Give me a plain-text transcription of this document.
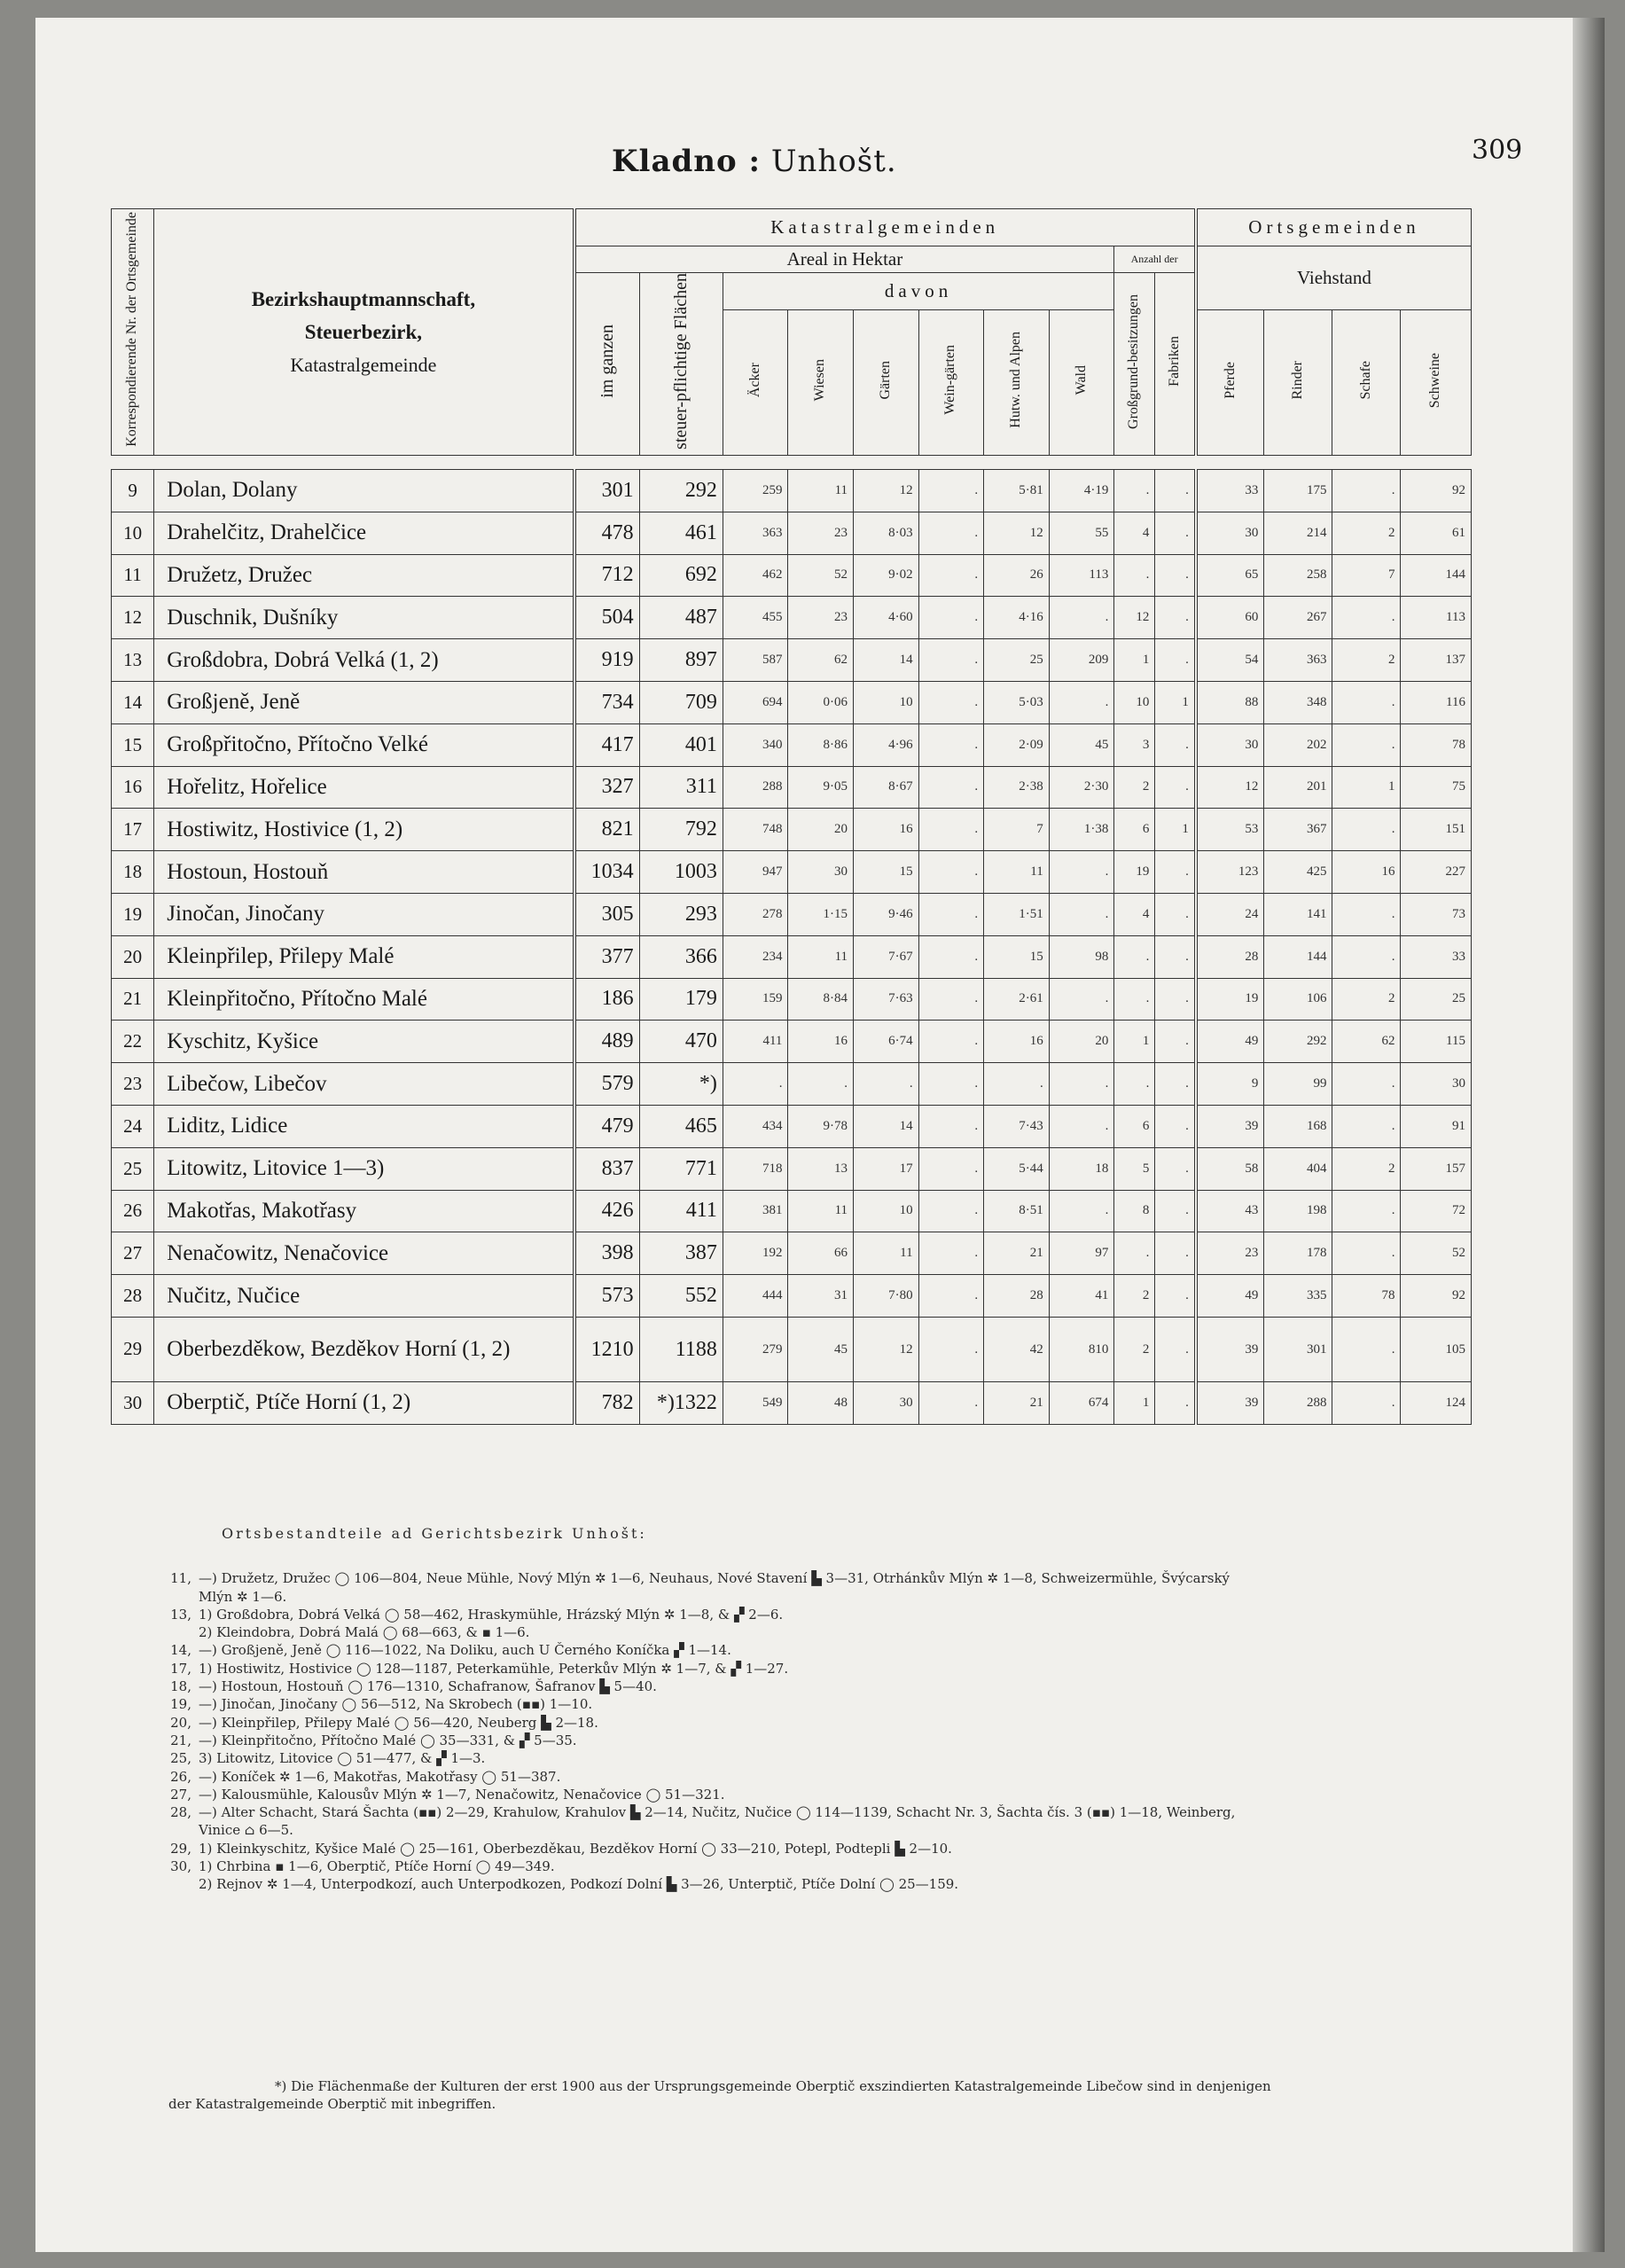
Kladno : Unhošt.	309
Korrespondierende Nr. der Ortsgemeinde	Bezirkshauptmannschaft,
Steuerbezirk,
Katastralgemeinde	Katastralgemeinden										Ortsgemeinden			
		Areal in Hektar								Anzahl der		Viehstand			
		im ganzen	steuer-pflichtige Flächen	davon						Großgrund-besitzungen	Fabriken				
				Äcker	Wiesen	Gärten	Wein-gärten	Hutw. und Alpen	Wald			Pferde	Rinder	Schafe	Schweine

9	Dolan, Dolany	301	292	259	11	12	.	5·81	4·19	.	.	33	175	.	92
10	Drahelčitz, Drahelčice	478	461	363	23	8·03	.	12	55	4	.	30	214	2	61
11	Družetz, Družec	712	692	462	52	9·02	.	26	113	.	.	65	258	7	144
12	Duschnik, Dušníky	504	487	455	23	4·60	.	4·16	.	12	.	60	267	.	113
13	Großdobra, Dobrá Velká (1, 2)	919	897	587	62	14	.	25	209	1	.	54	363	2	137
14	Großjeně, Jeně	734	709	694	0·06	10	.	5·03	.	10	1	88	348	.	116
15	Großpřitočno, Přítočno Velké	417	401	340	8·86	4·96	.	2·09	45	3	.	30	202	.	78
16	Hořelitz, Hořelice	327	311	288	9·05	8·67	.	2·38	2·30	2	.	12	201	1	75
17	Hostiwitz, Hostivice (1, 2)	821	792	748	20	16	.	7	1·38	6	1	53	367	.	151
18	Hostoun, Hostouň	1034	1003	947	30	15	.	11	.	19	.	123	425	16	227
19	Jinočan, Jinočany	305	293	278	1·15	9·46	.	1·51	.	4	.	24	141	.	73
20	Kleinpřilep, Přilepy Malé	377	366	234	11	7·67	.	15	98	.	.	28	144	.	33
21	Kleinpřitočno, Přítočno Malé	186	179	159	8·84	7·63	.	2·61	.	.	.	19	106	2	25
22	Kyschitz, Kyšice	489	470	411	16	6·74	.	16	20	1	.	49	292	62	115
23	Libečow, Libečov	579	*)	.	.	.	.	.	.	.	.	9	99	.	30
24	Liditz, Lidice	479	465	434	9·78	14	.	7·43	.	6	.	39	168	.	91
25	Litowitz, Litovice 1—3)	837	771	718	13	17	.	5·44	18	5	.	58	404	2	157
26	Makotřas, Makotřasy	426	411	381	11	10	.	8·51	.	8	.	43	198	.	72
27	Nenačowitz, Nenačovice	398	387	192	66	11	.	21	97	.	.	23	178	.	52
28	Nučitz, Nučice	573	552	444	31	7·80	.	28	41	2	.	49	335	78	92
29	Oberbezděkow, Bezděkov Horní (1, 2)	1210	1188	279	45	12	.	42	810	2	.	39	301	.	105
30	Oberptič, Ptíče Horní (1, 2)	782	*)1322	549	48	30	.	21	674	1	.	39	288	.	124
Ortsbestandteile ad Gerichtsbezirk Unhošt:
11, —) Družetz, Družec ◯ 106—804, Neue Mühle, Nový Mlýn ✲ 1—6, Neuhaus, Nové Stavení ▙ 3—31, Otrhánkův Mlýn ✲ 1—8, Schweizermühle, Švýcarský
Mlýn ✲ 1—6.
13, 1) Großdobra, Dobrá Velká ◯ 58—462, Hraskymühle, Hrázský Mlýn ✲ 1—8, & ▞ 2—6.
2) Kleindobra, Dobrá Malá ◯ 68—663, & ▪ 1—6.
14, —) Großjeně, Jeně ◯ 116—1022, Na Doliku, auch U Černého Koníčka ▞ 1—14.
17, 1) Hostiwitz, Hostivice ◯ 128—1187, Peterkamühle, Peterkův Mlýn ✲ 1—7, & ▞ 1—27.
18, —) Hostoun, Hostouň ◯ 176—1310, Schafranow, Šafranov ▙ 5—40.
19, —) Jinočan, Jinočany ◯ 56—512, Na Skrobech (▪▪) 1—10.
20, —) Kleinpřilep, Přilepy Malé ◯ 56—420, Neuberg ▙ 2—18.
21, —) Kleinpřitočno, Přítočno Malé ◯ 35—331, & ▞ 5—35.
25, 3) Litowitz, Litovice ◯ 51—477, & ▞ 1—3.
26, —) Koníček ✲ 1—6, Makotřas, Makotřasy ◯ 51—387.
27, —) Kalousmühle, Kalousův Mlýn ✲ 1—7, Nenačowitz, Nenačovice ◯ 51—321.
28, —) Alter Schacht, Stará Šachta (▪▪) 2—29, Krahulow, Krahulov ▙ 2—14, Nučitz, Nučice ◯ 114—1139, Schacht Nr. 3, Šachta čís. 3 (▪▪) 1—18, Weinberg,
Vinice ⌂ 6—5.
29, 1) Kleinkyschitz, Kyšice Malé ◯ 25—161, Oberbezděkau, Bezděkov Horní ◯ 33—210, Potepl, Podtepli ▙ 2—10.
30, 1) Chrbina ▪ 1—6, Oberptič, Ptíče Horní ◯ 49—349.
2) Rejnov ✲ 1—4, Unterpodkozí, auch Unterpodkozen, Podkozí Dolní ▙ 3—26, Unterptič, Ptíče Dolní ◯ 25—159.

*) Die Flächenmaße der Kulturen der erst 1900 aus der Ursprungsgemeinde Oberptič exszindierten Katastralgemeinde Libečow sind in denjenigen

der Katastralgemeinde Oberptič mit inbegriffen.
